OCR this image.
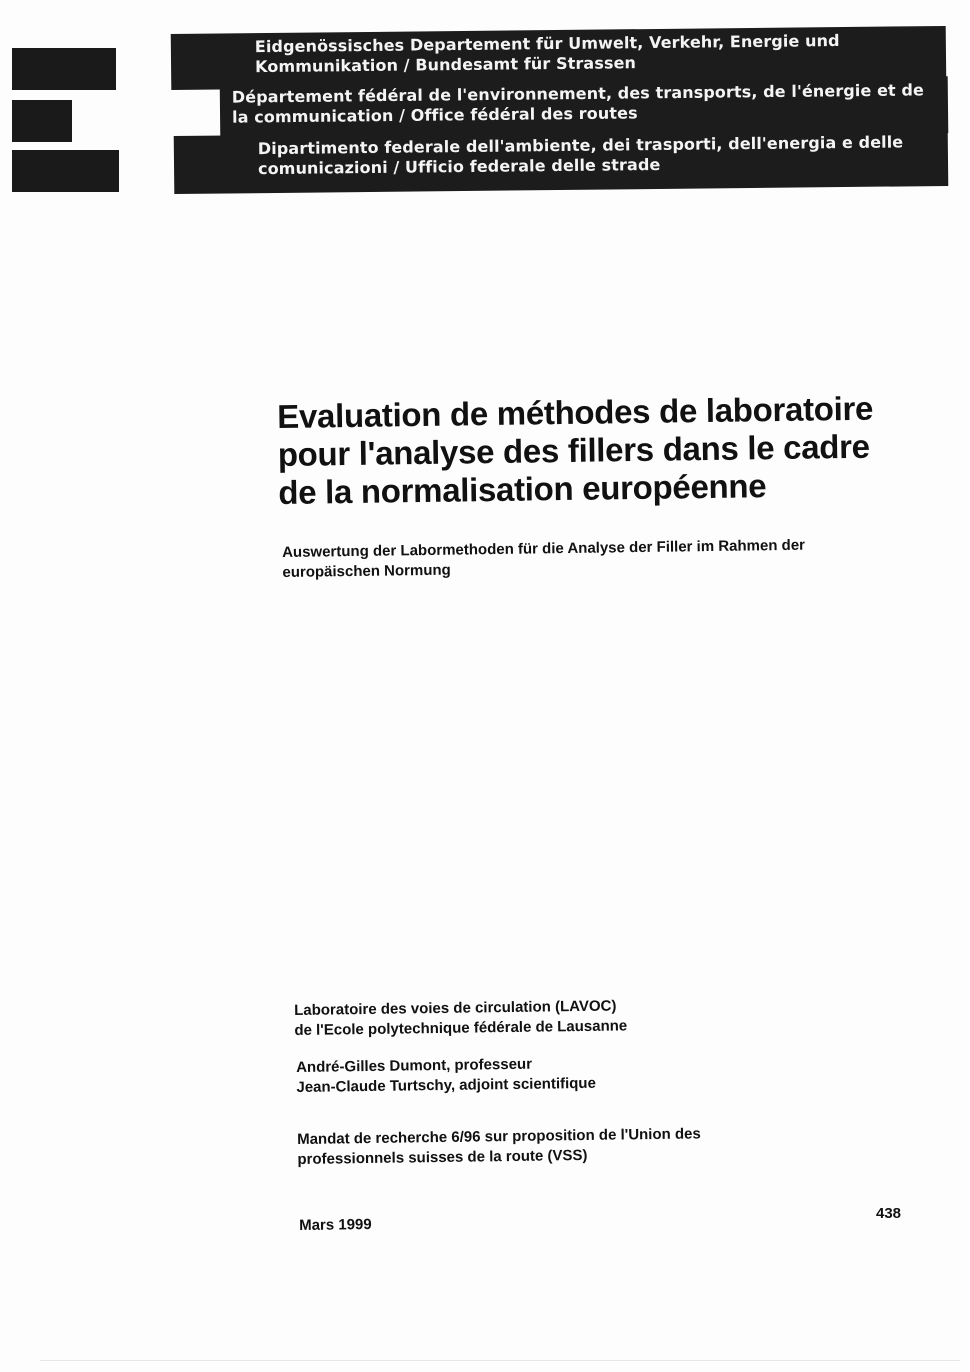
Eidgenössisches Departement für Umwelt, Verkehr, Energie und
Kommunikation / Bundesamt für Strassen
Département fédéral de l'environnement, des transports, de l'énergie et de
la communication / Office fédéral des routes
Dipartimento federale dell'ambiente, dei trasporti, dell'energia e delle
comunicazioni / Ufficio federale delle strade
Evaluation de méthodes de laboratoire
pour l'analyse des fillers dans le cadre
de la normalisation européenne
Auswertung der Labormethoden für die Analyse der Filler im Rahmen der
europäischen Normung
Laboratoire des voies de circulation (LAVOC)
de l'Ecole polytechnique fédérale de Lausanne
André-Gilles Dumont, professeur
Jean-Claude Turtschy, adjoint scientifique
Mandat de recherche 6/96 sur proposition de l'Union des
professionnels suisses de la route (VSS)
Mars 1999
438
